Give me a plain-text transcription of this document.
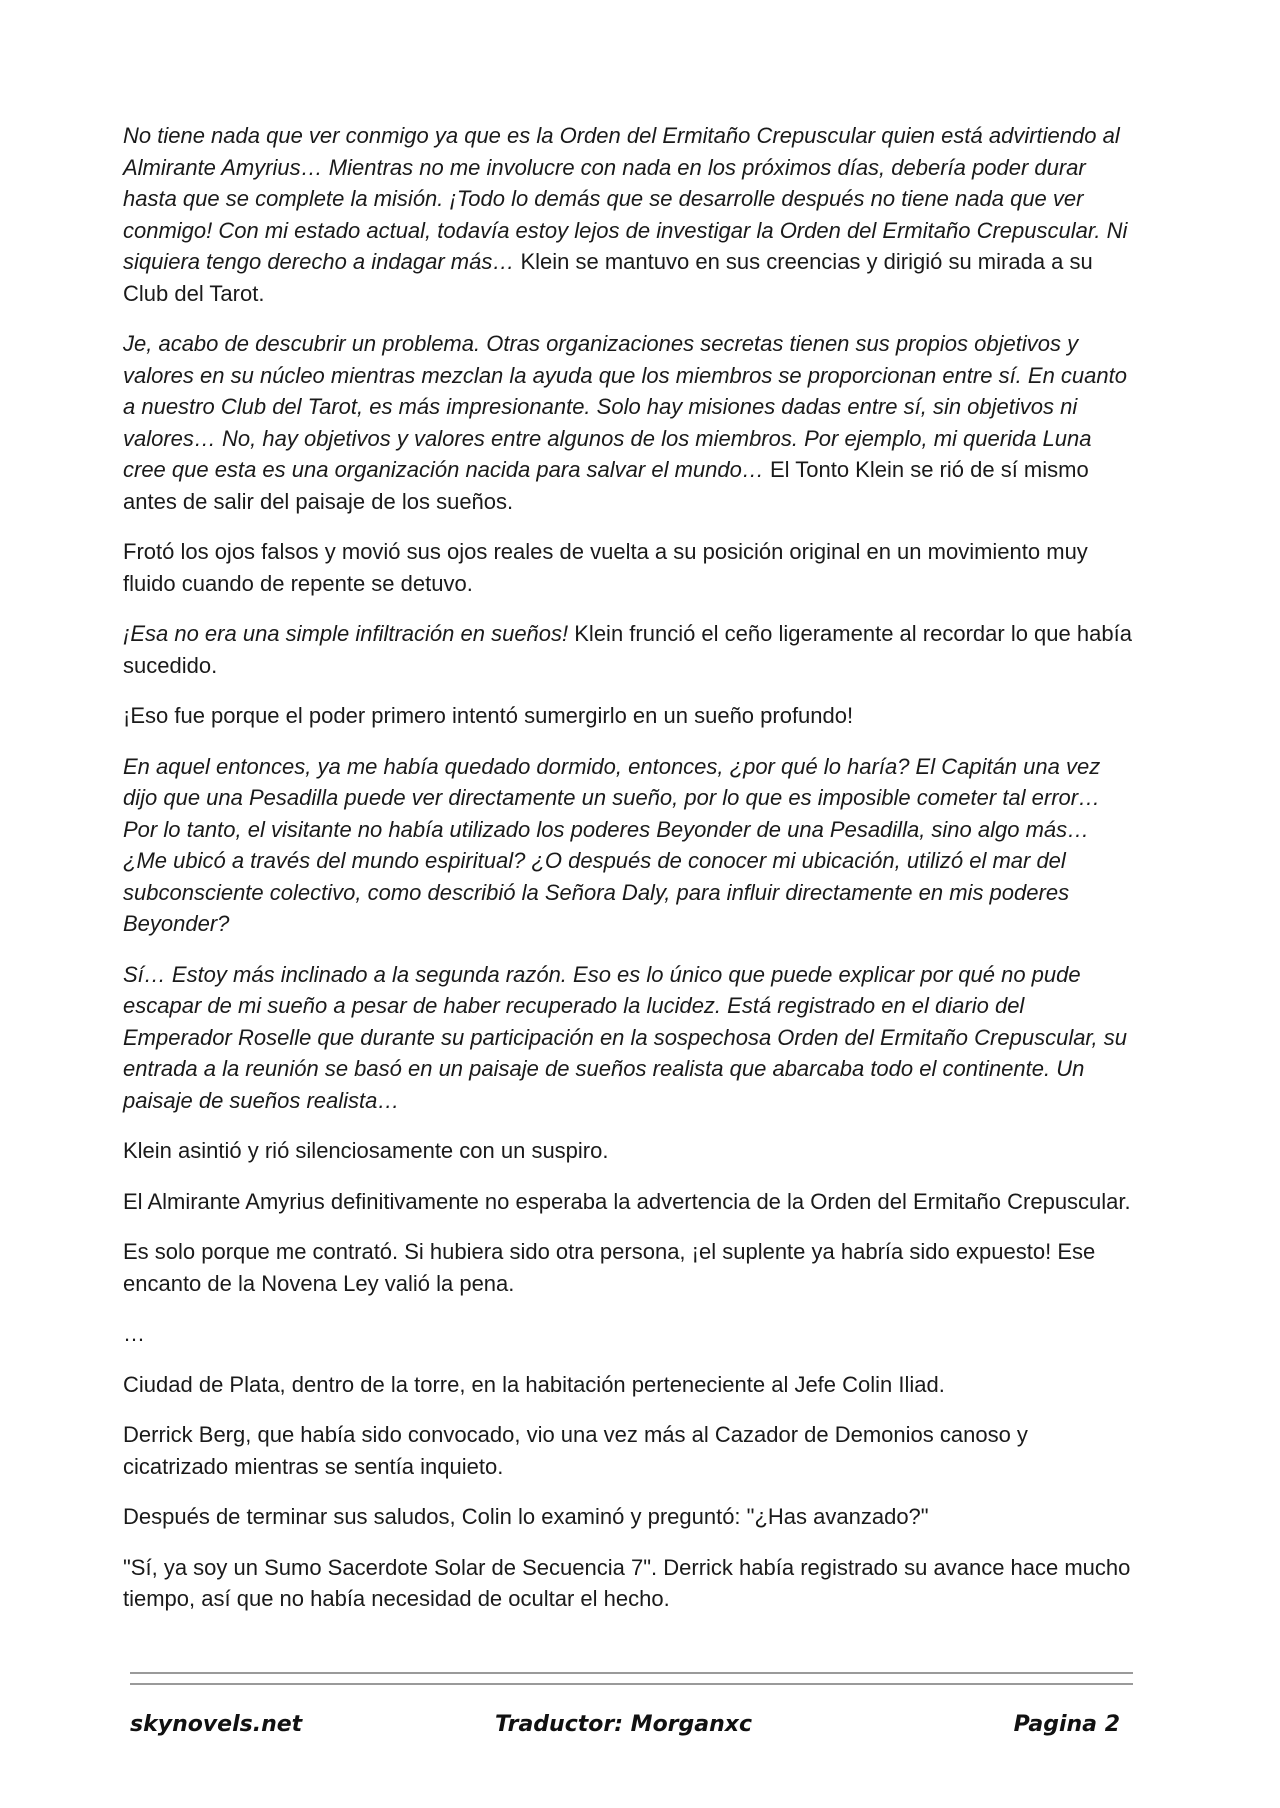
No tiene nada que ver conmigo ya que es la Orden del Ermitaño Crepuscular quien está advirtiendo al Almirante Amyrius… Mientras no me involucre con nada en los próximos días, debería poder durar hasta que se complete la misión. ¡Todo lo demás que se desarrolle después no tiene nada que ver conmigo! Con mi estado actual, todavía estoy lejos de investigar la Orden del Ermitaño Crepuscular. Ni siquiera tengo derecho a indagar más… Klein se mantuvo en sus creencias y dirigió su mirada a su Club del Tarot.

Je, acabo de descubrir un problema. Otras organizaciones secretas tienen sus propios objetivos y valores en su núcleo mientras mezclan la ayuda que los miembros se proporcionan entre sí. En cuanto a nuestro Club del Tarot, es más impresionante. Solo hay misiones dadas entre sí, sin objetivos ni valores… No, hay objetivos y valores entre algunos de los miembros. Por ejemplo, mi querida Luna cree que esta es una organización nacida para salvar el mundo… El Tonto Klein se rió de sí mismo antes de salir del paisaje de los sueños.

Frotó los ojos falsos y movió sus ojos reales de vuelta a su posición original en un movimiento muy fluido cuando de repente se detuvo.

¡Esa no era una simple infiltración en sueños! Klein frunció el ceño ligeramente al recordar lo que había sucedido.

¡Eso fue porque el poder primero intentó sumergirlo en un sueño profundo!

En aquel entonces, ya me había quedado dormido, entonces, ¿por qué lo haría? El Capitán una vez dijo que una Pesadilla puede ver directamente un sueño, por lo que es imposible cometer tal error… Por lo tanto, el visitante no había utilizado los poderes Beyonder de una Pesadilla, sino algo más… ¿Me ubicó a través del mundo espiritual? ¿O después de conocer mi ubicación, utilizó el mar del subconsciente colectivo, como describió la Señora Daly, para influir directamente en mis poderes Beyonder?

Sí… Estoy más inclinado a la segunda razón. Eso es lo único que puede explicar por qué no pude escapar de mi sueño a pesar de haber recuperado la lucidez. Está registrado en el diario del Emperador Roselle que durante su participación en la sospechosa Orden del Ermitaño Crepuscular, su entrada a la reunión se basó en un paisaje de sueños realista que abarcaba todo el continente. Un paisaje de sueños realista…

Klein asintió y rió silenciosamente con un suspiro.

El Almirante Amyrius definitivamente no esperaba la advertencia de la Orden del Ermitaño Crepuscular.

Es solo porque me contrató. Si hubiera sido otra persona, ¡el suplente ya habría sido expuesto! Ese encanto de la Novena Ley valió la pena.

…

Ciudad de Plata, dentro de la torre, en la habitación perteneciente al Jefe Colin Iliad.

Derrick Berg, que había sido convocado, vio una vez más al Cazador de Demonios canoso y cicatrizado mientras se sentía inquieto.

Después de terminar sus saludos, Colin lo examinó y preguntó: "¿Has avanzado?"

"Sí, ya soy un Sumo Sacerdote Solar de Secuencia 7". Derrick había registrado su avance hace mucho tiempo, así que no había necesidad de ocultar el hecho.

skynovels.net	Traductor: Morganxc	Pagina 2
